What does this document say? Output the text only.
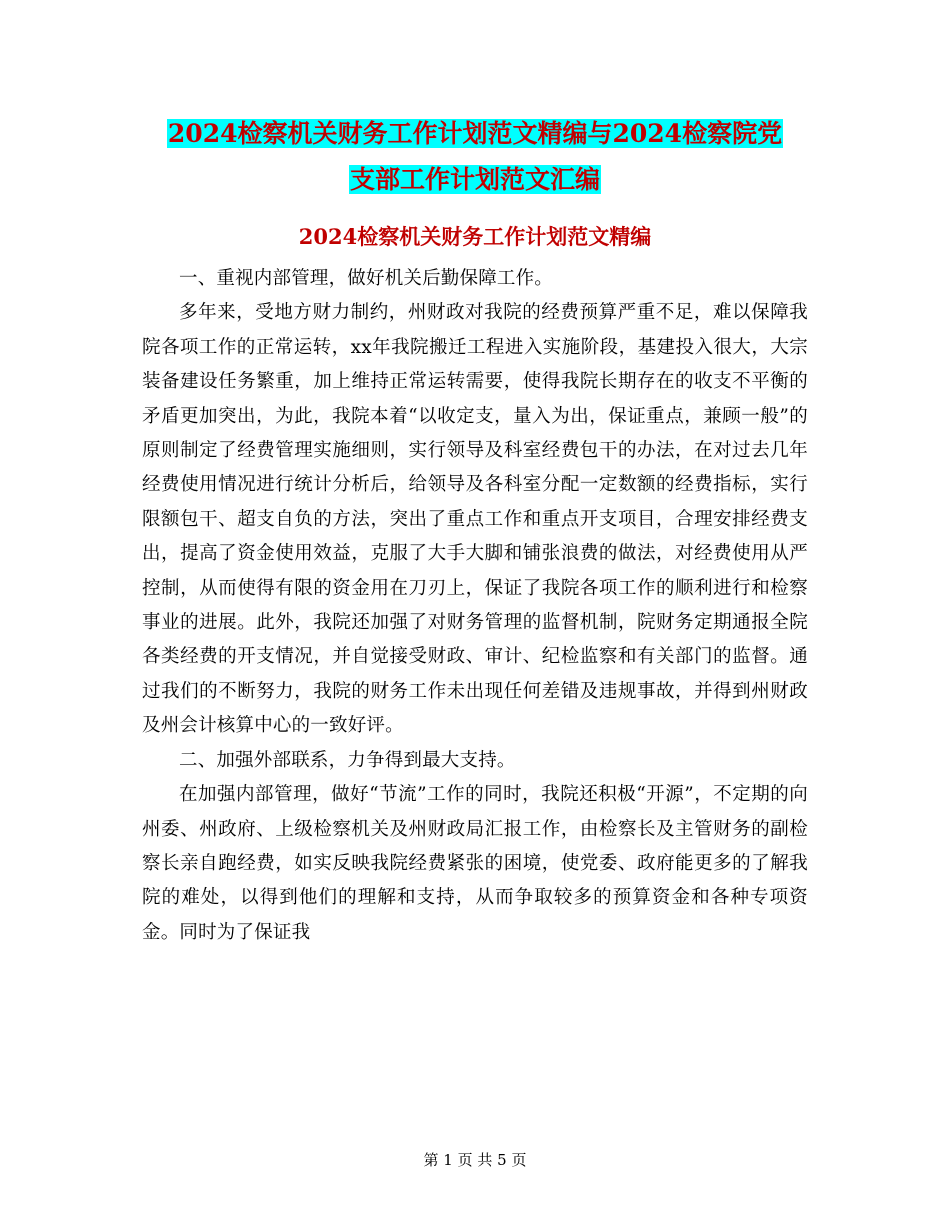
2024检察机关财务工作计划范文精编与2024检察院党
支部工作计划范文汇编
2024检察机关财务工作计划范文精编

一、重视内部管理，做好机关后勤保障工作。

多年来，受地方财力制约，州财政对我院的经费预算严重不足，难以保障我院各项工作的正常运转，xx年我院搬迁工程进入实施阶段，基建投入很大，大宗装备建设任务繁重，加上维持正常运转需要，使得我院长期存在的收支不平衡的矛盾更加突出，为此，我院本着“以收定支，量入为出，保证重点，兼顾一般”的原则制定了经费管理实施细则，实行领导及科室经费包干的办法，在对过去几年经费使用情况进行统计分析后，给领导及各科室分配一定数额的经费指标，实行限额包干、超支自负的方法，突出了重点工作和重点开支项目，合理安排经费支出，提高了资金使用效益，克服了大手大脚和铺张浪费的做法，对经费使用从严控制，从而使得有限的资金用在刀刃上，保证了我院各项工作的顺利进行和检察事业的进展。此外，我院还加强了对财务管理的监督机制，院财务定期通报全院各类经费的开支情况，并自觉接受财政、审计、纪检监察和有关部门的监督。通过我们的不断努力，我院的财务工作未出现任何差错及违规事故，并得到州财政及州会计核算中心的一致好评。

二、加强外部联系，力争得到最大支持。

在加强内部管理，做好“节流”工作的同时，我院还积极“开源”，不定期的向州委、州政府、上级检察机关及州财政局汇报工作，由检察长及主管财务的副检察长亲自跑经费，如实反映我院经费紧张的困境，使党委、政府能更多的了解我院的难处，以得到他们的理解和支持，从而争取较多的预算资金和各种专项资金。同时为了保证我

第 1 页 共 5 页
